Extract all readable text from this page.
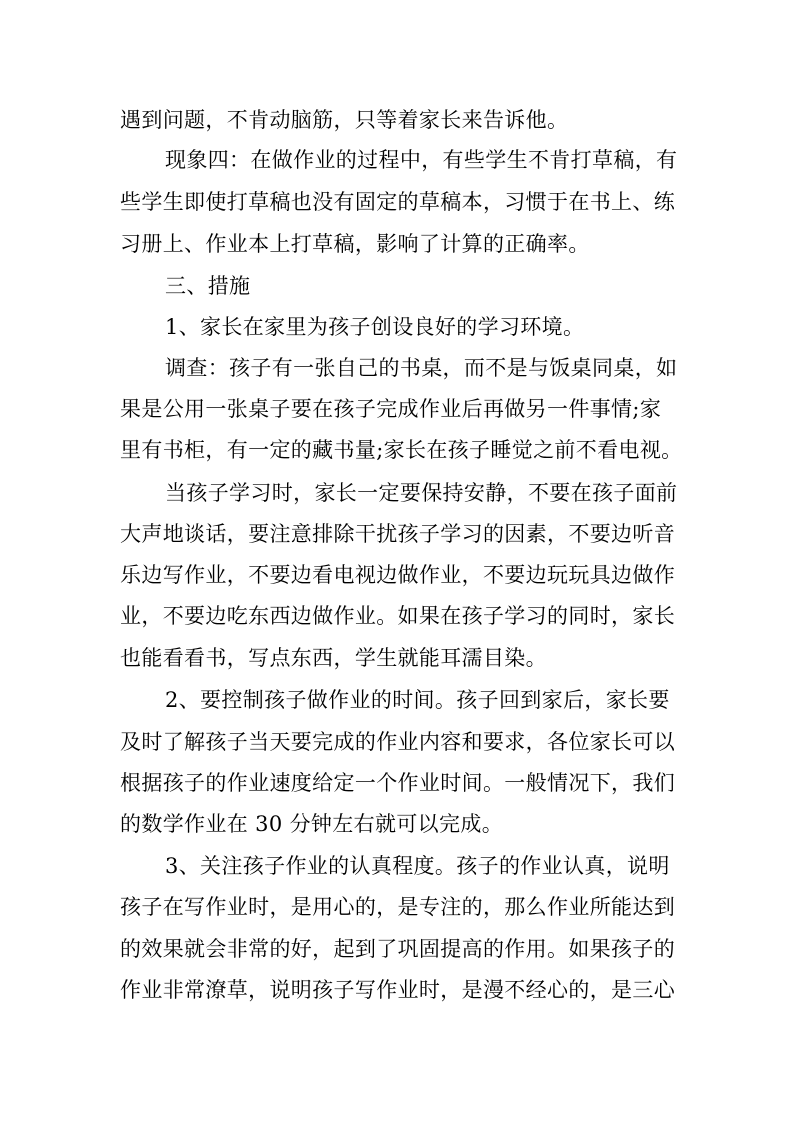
遇到问题，不肯动脑筋，只等着家长来告诉他。
现象四：在做作业的过程中，有些学生不肯打草稿，有
些学生即使打草稿也没有固定的草稿本，习惯于在书上、练
习册上、作业本上打草稿，影响了计算的正确率。
三、措施
1、家长在家里为孩子创设良好的学习环境。
调查：孩子有一张自己的书桌，而不是与饭桌同桌，如
果是公用一张桌子要在孩子完成作业后再做另一件事情;家
里有书柜，有一定的藏书量;家长在孩子睡觉之前不看电视。
当孩子学习时，家长一定要保持安静，不要在孩子面前
大声地谈话，要注意排除干扰孩子学习的因素，不要边听音
乐边写作业，不要边看电视边做作业，不要边玩玩具边做作
业，不要边吃东西边做作业。如果在孩子学习的同时，家长
也能看看书，写点东西，学生就能耳濡目染。
2、要控制孩子做作业的时间。孩子回到家后，家长要
及时了解孩子当天要完成的作业内容和要求，各位家长可以
根据孩子的作业速度给定一个作业时间。一般情况下，我们
的数学作业在 30 分钟左右就可以完成。
3、关注孩子作业的认真程度。孩子的作业认真，说明
孩子在写作业时，是用心的，是专注的，那么作业所能达到
的效果就会非常的好，起到了巩固提高的作用。如果孩子的
作业非常潦草，说明孩子写作业时，是漫不经心的，是三心
